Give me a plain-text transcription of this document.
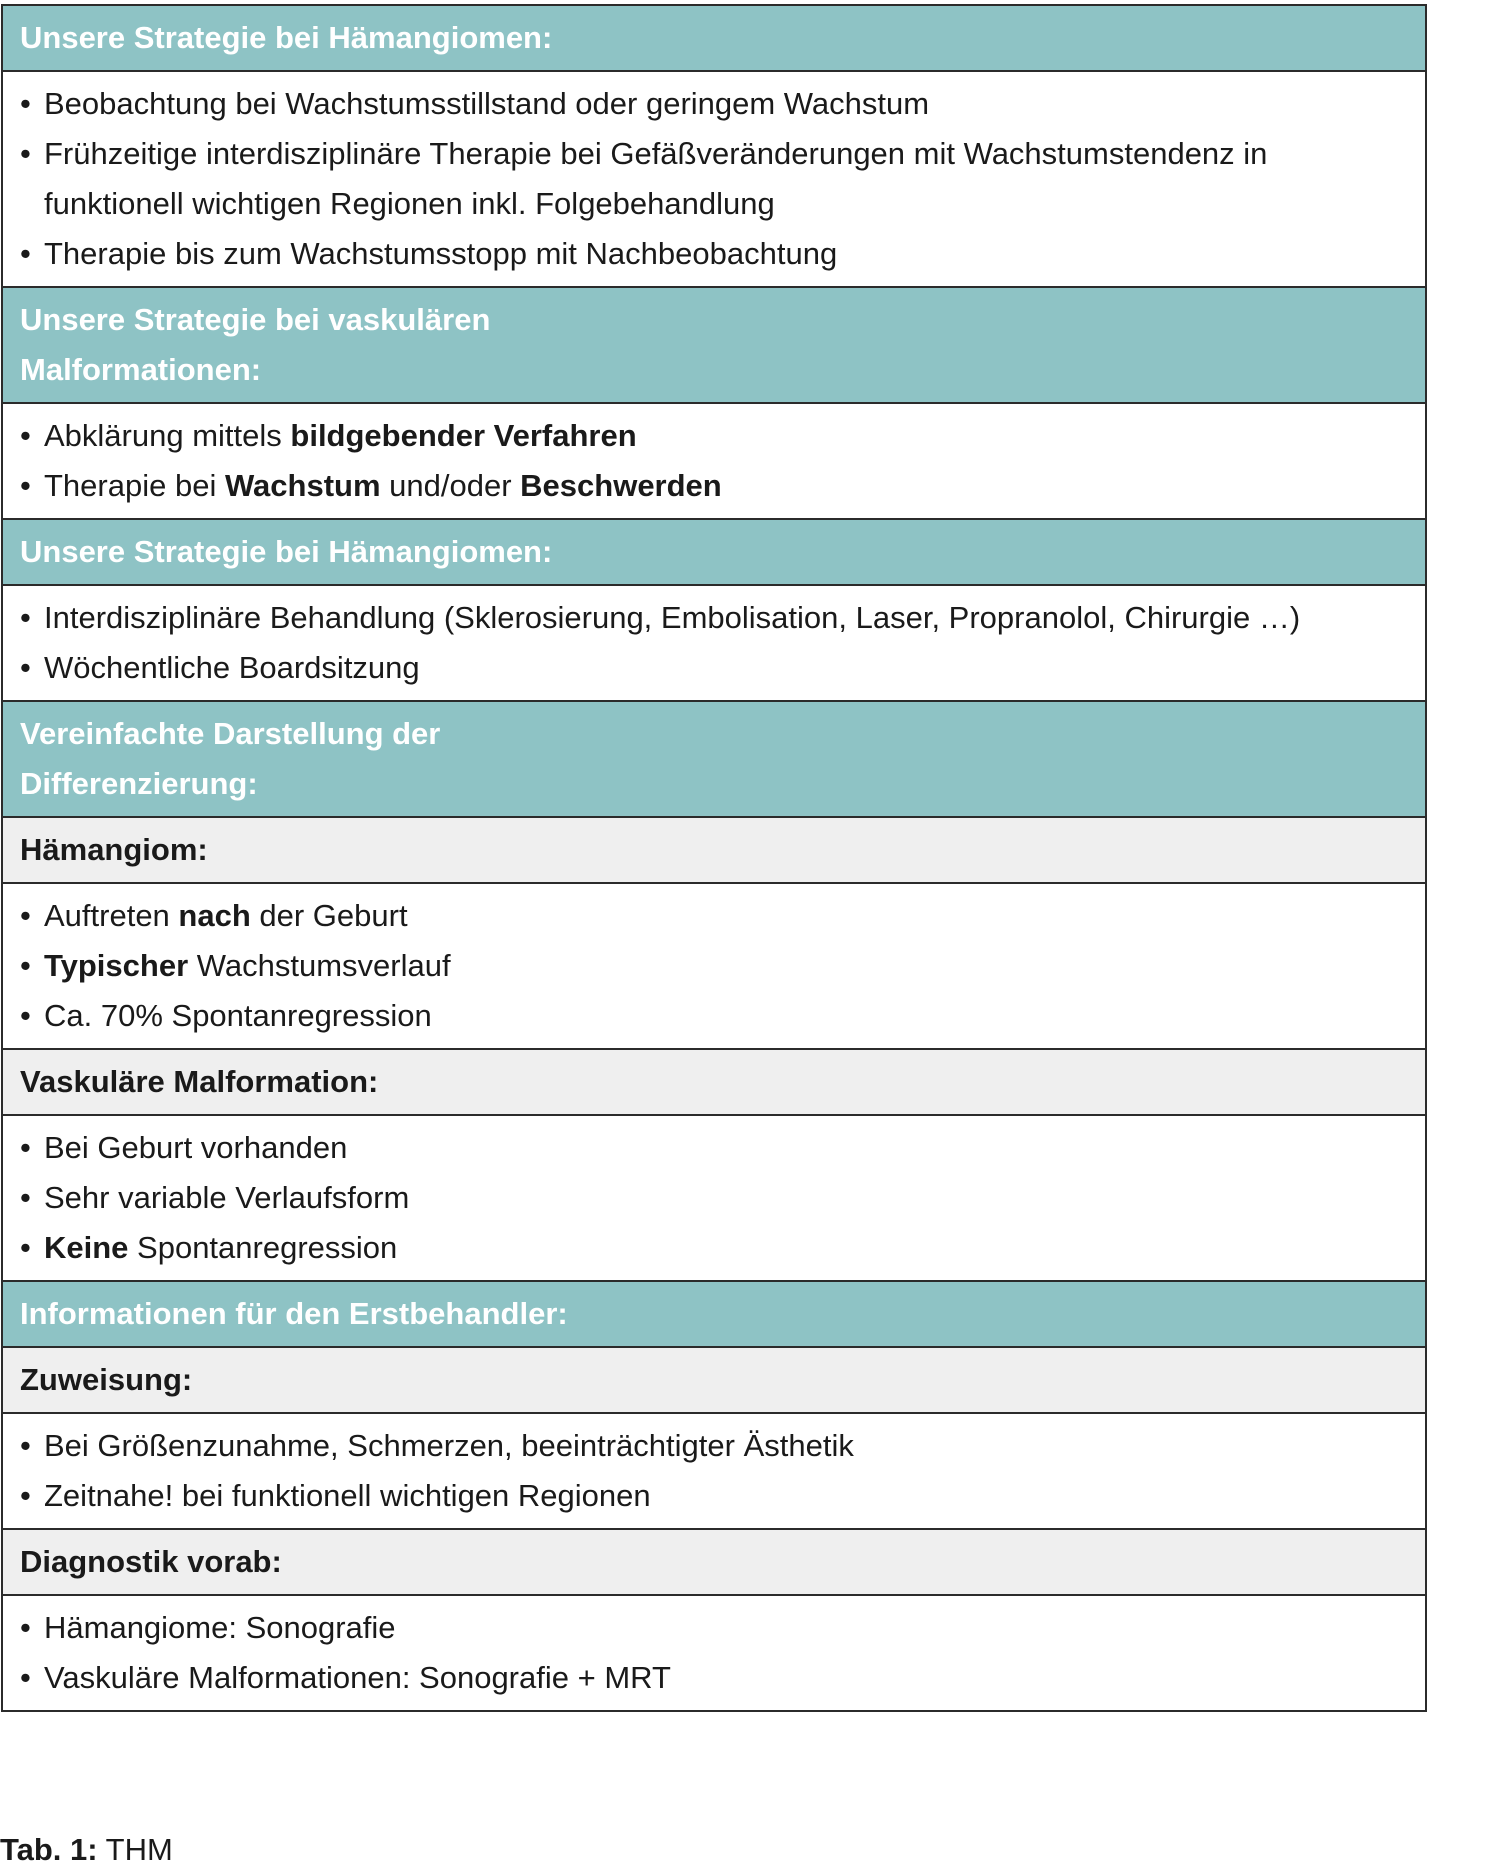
Unsere Strategie bei Hämangiomen:
• Beobachtung bei Wachstumsstillstand oder geringem Wachstum
• Frühzeitige interdisziplinäre Therapie bei Gefäßveränderungen mit Wachstumstendenz in funktionell wichtigen Regionen inkl. Folgebehandlung
• Therapie bis zum Wachstumsstopp mit Nachbeobachtung
Unsere Strategie bei vaskulären
Malformationen:
• Abklärung mittels bildgebender Verfahren
• Therapie bei Wachstum und/oder Beschwerden
Unsere Strategie bei Hämangiomen:
• Interdisziplinäre Behandlung (Sklerosierung, Embolisation, Laser, Propranolol, Chirurgie …)
• Wöchentliche Boardsitzung
Vereinfachte Darstellung der
Differenzierung:
Hämangiom:
• Auftreten nach der Geburt
• Typischer Wachstumsverlauf
• Ca. 70% Spontanregression
Vaskuläre Malformation:
• Bei Geburt vorhanden
• Sehr variable Verlaufsform
• Keine Spontanregression
Informationen für den Erstbehandler:
Zuweisung:
• Bei Größenzunahme, Schmerzen, beeinträchtigter Ästhetik
• Zeitnahe! bei funktionell wichtigen Regionen
Diagnostik vorab:
• Hämangiome: Sonografie
• Vaskuläre Malformationen: Sonografie + MRT
Tab. 1: THM
